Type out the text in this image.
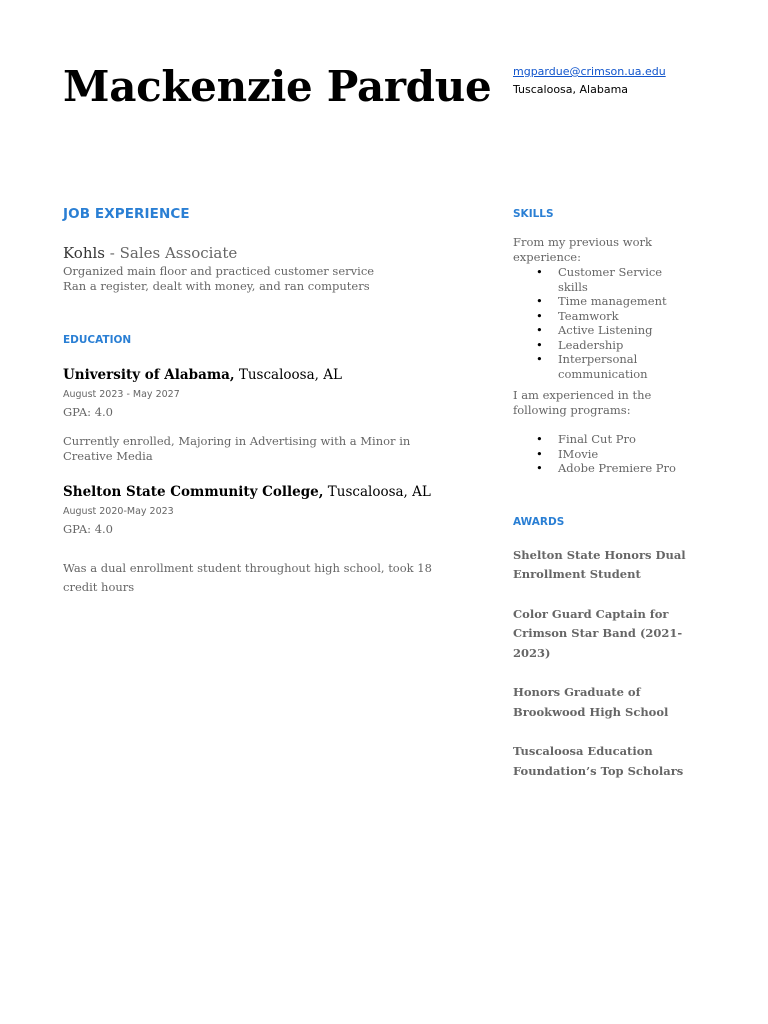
Mackenzie Pardue mgpardue@crimson.ua.edu
Tuscaloosa, Alabama
JOB EXPERIENCE
Kohls - Sales Associate
Organized main floor and practiced customer service
Ran a register, dealt with money, and ran computers
EDUCATION
University of Alabama, Tuscaloosa, AL
August 2023 - May 2027
GPA: 4.0
Currently enrolled, Majoring in Advertising with a Minor in Creative Media
Shelton State Community College, Tuscaloosa, AL
August 2020-May 2023
GPA: 4.0
Was a dual enrollment student throughout high school, took 18 credit hours
SKILLS
From my previous work experience:
• Customer Service skills
• Time management
• Teamwork
• Active Listening
• Leadership
• Interpersonal communication
I am experienced in the following programs:
• Final Cut Pro
• IMovie
• Adobe Premiere Pro
AWARDS
Shelton State Honors Dual Enrollment Student
Color Guard Captain for Crimson Star Band (2021-2023)
Honors Graduate of Brookwood High School
Tuscaloosa Education Foundation’s Top Scholars
